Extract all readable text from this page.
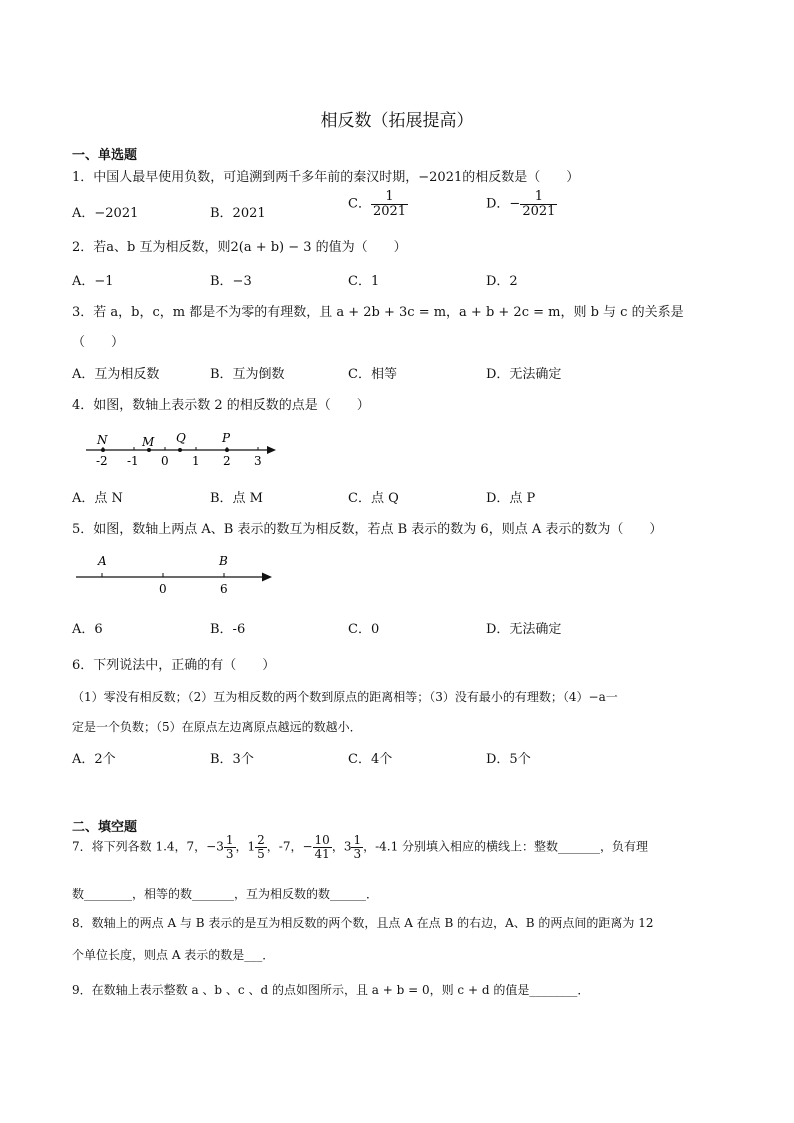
相反数（拓展提高）
一、单选题
1．中国人最早使用负数，可追溯到两千多年前的秦汉时期，−2021的相反数是（　　）
A．−2021	B．2021
C． $\frac{1}{2021}$	D．− $\frac{1}{2021}$
2．若a、b 互为相反数，则2(a + b) − 3 的值为（　　）
A．−1	B．−3	C．1	D．2
3．若 a，b，c，m 都是不为零的有理数，且 a + 2b + 3c = m，a + b + 2c = m，则 b 与 c 的关系是
（　　）
A．互为相反数	B．互为倒数	C．相等	D．无法确定
4．如图，数轴上表示数 2 的相反数的点是（　　）
N	M Q	P
-2 -1 0 1 2 3
A．点 N	B．点 M	C．点 Q	D．点 P
5．如图，数轴上两点 A、B 表示的数互为相反数，若点 B 表示的数为 6，则点 A 表示的数为（　　）
A	B
0	6
A．6	B．-6	C．0	D．无法确定
6．下列说法中，正确的有（　　）
（1）零没有相反数；（2）互为相反数的两个数到原点的距离相等；（3）没有最小的有理数；（4）−a一
定是一个负数；（5）在原点左边离原点越远的数越小．
A．2个	B．3个	C．4个	D．5个
二、填空题
7．将下列各数 1.4，7，$-3 \frac{1}{3}$ ，$1 \frac{2}{5}$ ，-7，− $\frac{10}{41}$ ，$3 \frac{1}{3}$ ，-4.1 分别填入相应的横线上：整数_______，负有理
数________，相等的数_______，互为相反数的数______．
8．数轴上的两点 A 与 B 表示的是互为相反数的两个数，且点 A 在点 B 的右边，A、B 的两点间的距离为 12
个单位长度，则点 A 表示的数是___．
9．在数轴上表示整数 a 、b 、c 、d 的点如图所示，且 a + b = 0，则 c + d 的值是________．
